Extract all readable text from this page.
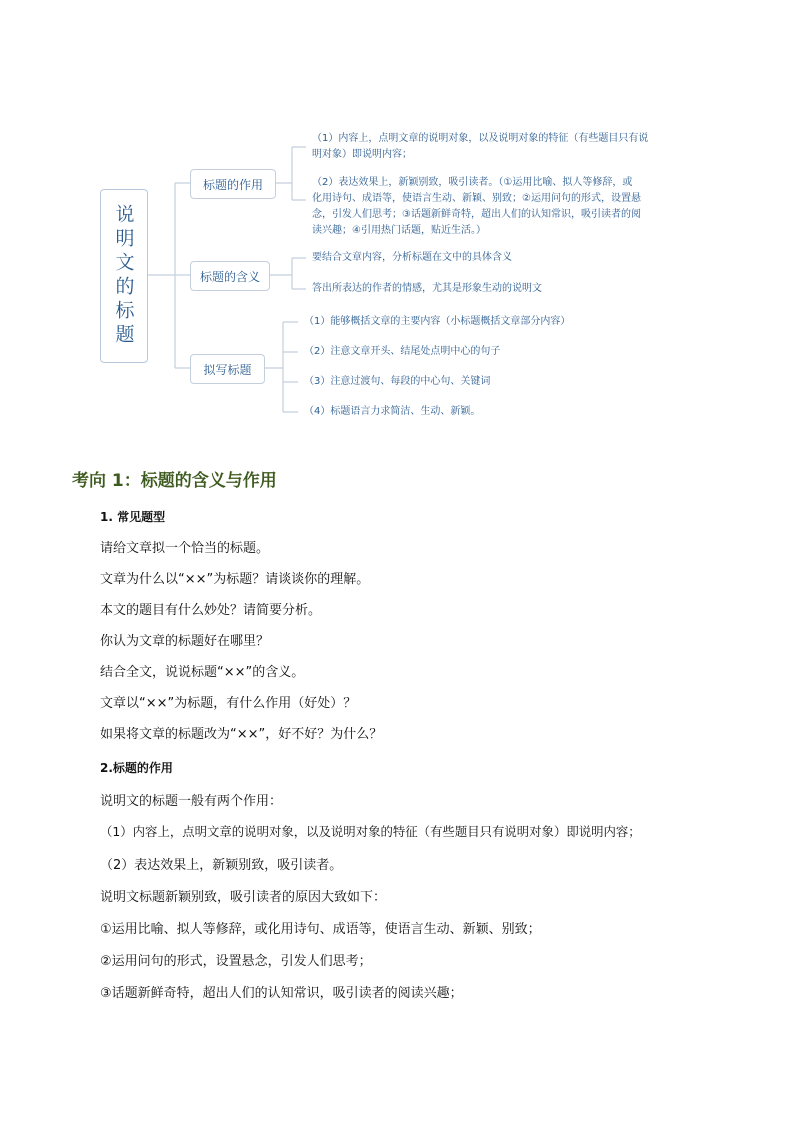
说明文的标题
标题的作用
标题的含义
拟写标题
（1）内容上，点明文章的说明对象，以及说明对象的特征（有些题目只有说
明对象）即说明内容；
（2）表达效果上，新颖别致，吸引读者。（①运用比喻、拟人等修辞，或
化用诗句、成语等，使语言生动、新颖、别致；②运用问句的形式，设置悬
念，引发人们思考；③话题新鲜奇特，超出人们的认知常识，吸引读者的阅
读兴趣；④引用热门话题，贴近生活。）
要结合文章内容，分析标题在文中的具体含义
答出所表达的作者的情感，尤其是形象生动的说明文
（1）能够概括文章的主要内容（小标题概括文章部分内容）
（2）注意文章开头、结尾处点明中心的句子
（3）注意过渡句、每段的中心句、关键词
（4）标题语言力求简洁、生动、新颖。
考向 1：标题的含义与作用
1. 常见题型
请给文章拟一个恰当的标题。
文章为什么以“××”为标题？请谈谈你的理解。
本文的题目有什么妙处？请简要分析。
你认为文章的标题好在哪里？
结合全文，说说标题“××”的含义。
文章以“××”为标题，有什么作用（好处）？
如果将文章的标题改为“××”，好不好？为什么？
2.标题的作用
说明文的标题一般有两个作用：
（1）内容上，点明文章的说明对象，以及说明对象的特征（有些题目只有说明对象）即说明内容；
（2）表达效果上，新颖别致，吸引读者。
说明文标题新颖别致，吸引读者的原因大致如下：
①运用比喻、拟人等修辞，或化用诗句、成语等，使语言生动、新颖、别致；
②运用问句的形式，设置悬念，引发人们思考；
③话题新鲜奇特，超出人们的认知常识，吸引读者的阅读兴趣；
